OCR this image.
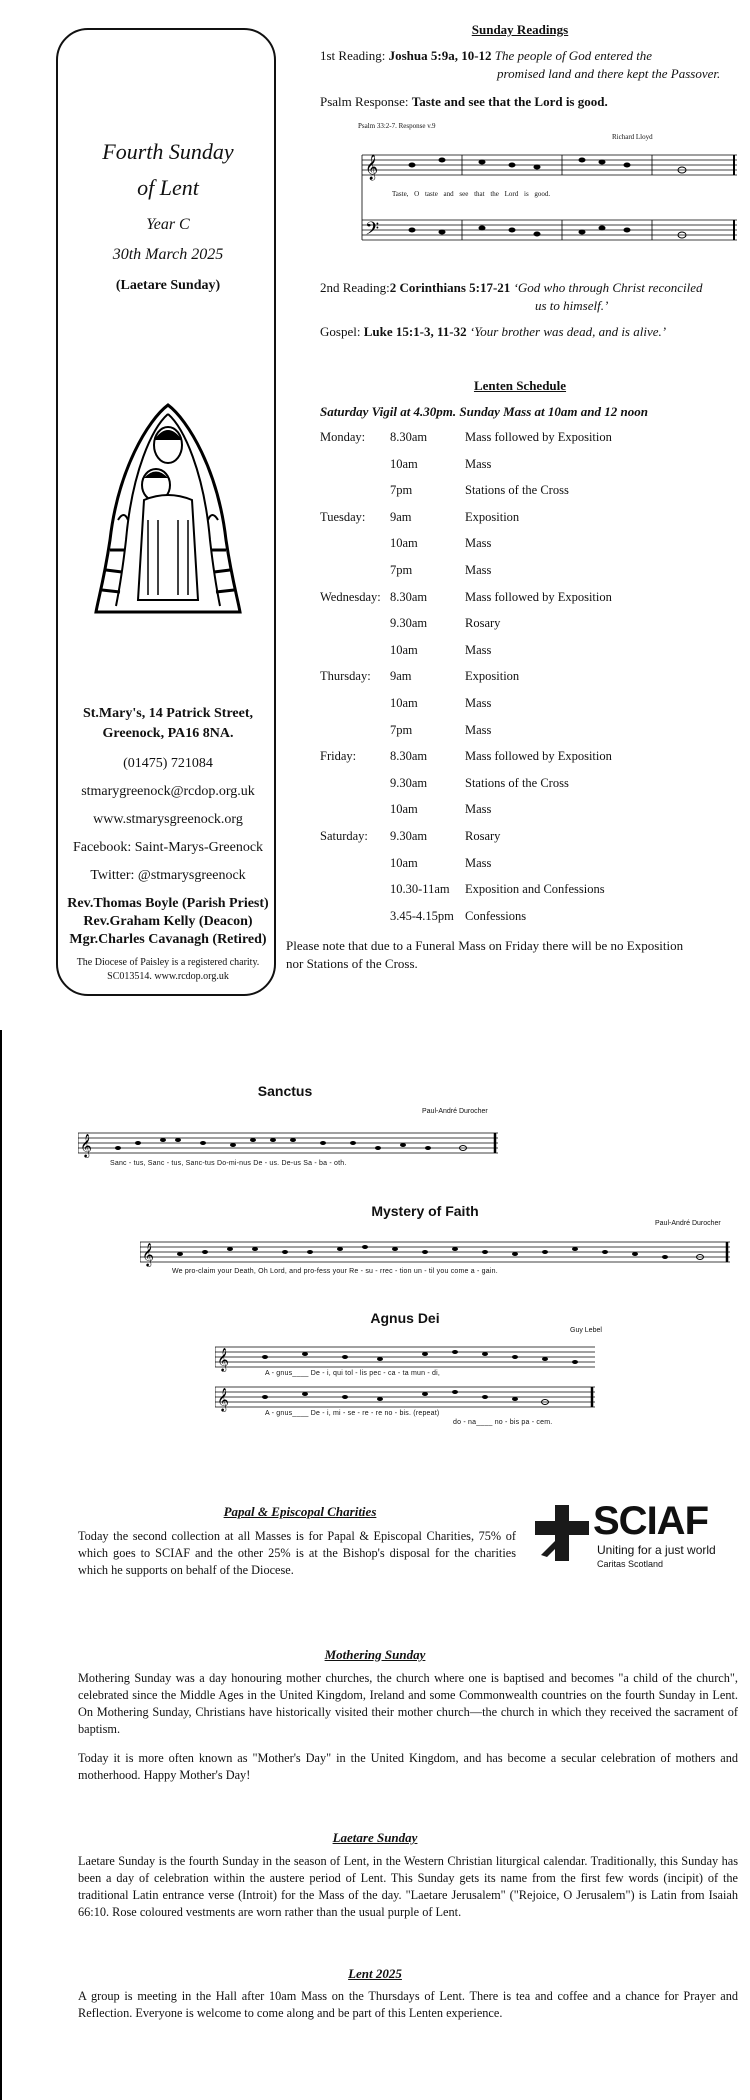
Fourth Sunday
of Lent
Year C
30th March 2025
(Laetare Sunday)
St.Mary's, 14 Patrick Street,
Greenock, PA16 8NA.
(01475) 721084
stmarygreenock@rcdop.org.uk
www.stmarysgreenock.org
Facebook: Saint-Marys-Greenock
Twitter: @stmarysgreenock
Rev.Thomas Boyle (Parish Priest)
Rev.Graham Kelly (Deacon)
Mgr.Charles Cavanagh (Retired)
The Diocese of Paisley is a registered charity.
SC013514. www.rcdop.org.uk
Sunday Readings
1st Reading: Joshua 5:9a, 10-12 The people of God entered the
promised land and there kept the Passover.
Psalm Response: Taste and see that the Lord is good.
Psalm 33:2-7. Response v.9
Richard Lloyd
𝄞
𝄢
Taste, O taste and see that the Lord is good.
2nd Reading:2 Corinthians 5:17-21 ‘God who through Christ reconciled
us to himself.’
Gospel: Luke 15:1-3, 11-32 ‘Your brother was dead, and is alive.’
Lenten Schedule
Saturday Vigil at 4.30pm. Sunday Mass at 10am and 12 noon
Monday: 8.30am	Mass followed by Exposition
10am	Mass
7pm	Stations of the Cross
Tuesday: 9am	Exposition
10am	Mass
7pm	Mass
Wednesday: 8.30am	Mass followed by Exposition
9.30am	Rosary
10am	Mass
Thursday: 9am	Exposition
10am	Mass
7pm	Mass
Friday:	8.30am	Mass followed by Exposition
9.30am	Stations of the Cross
10am	Mass
Saturday: 9.30am	Rosary
10am	Mass
10.30-11am Exposition and Confessions
3.45-4.15pm Confessions
Please note that due to a Funeral Mass on Friday there will be no Exposition
nor Stations of the Cross.
Sanctus
Paul-André Durocher
𝄞
Sanc - tus, Sanc - tus, Sanc-tus Do-mi-nus De - us. De-us Sa - ba - oth.
Mystery of Faith
Paul-André Durocher
𝄞
We pro-claim your Death, Oh Lord, and pro-fess your Re - su - rrec - tion un - til you come a - gain.
Agnus Dei
Guy Lebel
𝄞
𝄞
A - gnus____ De - i, qui tol - lis pec - ca - ta mun - di,
A - gnus____ De - i, mi - se - re - re no - bis. (repeat)
do - na____ no - bis pa - cem.
Papal & Episcopal Charities
Today the second collection at all Masses is for Papal & Episcopal Charities, 75% of which goes to SCIAF and the other 25% is at the Bishop's disposal for the charities which he supports on behalf of the Diocese.
SCIAF
Uniting for a just world
Caritas Scotland
Mothering Sunday
Mothering Sunday was a day honouring mother churches, the church where one is baptised and becomes "a child of the church", celebrated since the Middle Ages in the United Kingdom, Ireland and some Commonwealth countries on the fourth Sunday in Lent. On Mothering Sunday, Christians have historically visited their mother church—the church in which they received the sacrament of baptism.
Today it is more often known as "Mother's Day" in the United Kingdom, and has become a secular celebration of mothers and motherhood. Happy Mother's Day!
Laetare Sunday
Laetare Sunday is the fourth Sunday in the season of Lent, in the Western Christian liturgical calendar. Traditionally, this Sunday has been a day of celebration within the austere period of Lent. This Sunday gets its name from the first few words (incipit) of the traditional Latin entrance verse (Introit) for the Mass of the day. "Laetare Jerusalem" ("Rejoice, O Jerusalem") is Latin from Isaiah 66:10. Rose coloured vestments are worn rather than the usual purple of Lent.
Lent 2025
A group is meeting in the Hall after 10am Mass on the Thursdays of Lent. There is tea and coffee and a chance for Prayer and Reflection. Everyone is welcome to come along and be part of this Lenten experience.
